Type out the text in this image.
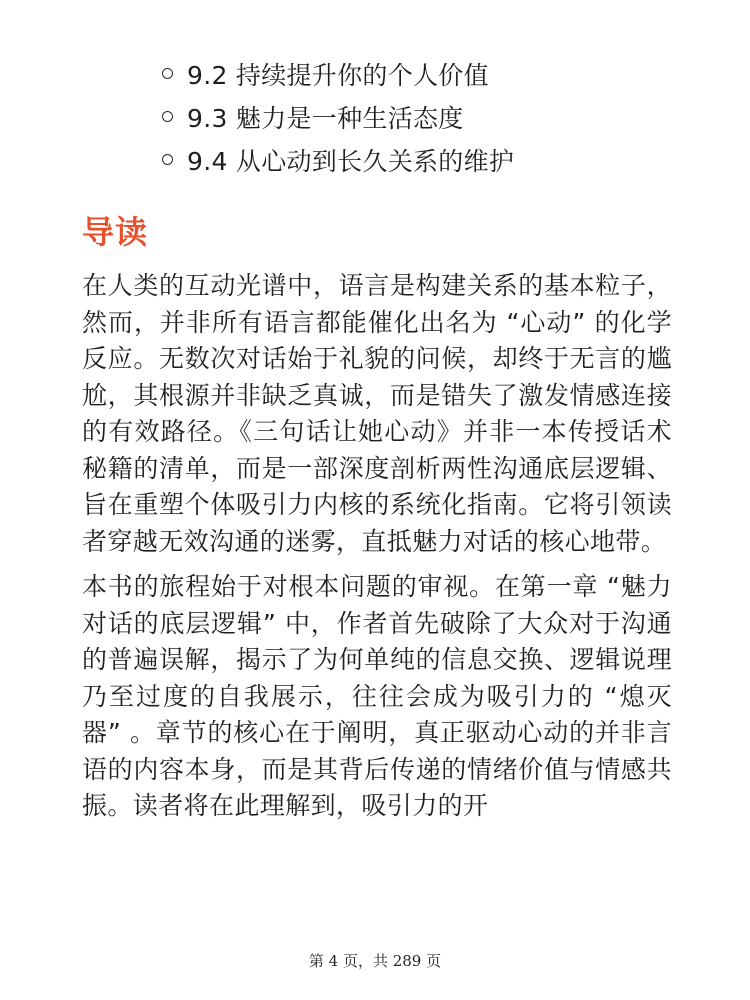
9.2 持续提升你的个人价值
9.3 魅力是一种生活态度
9.4 从心动到长久关系的维护
导读

在人类的互动光谱中，语言是构建关系的基本粒子，然而，并非所有语言都能催化出名为 “心动” 的化学反应。无数次对话始于礼貌的问候，却终于无言的尴尬，其根源并非缺乏真诚，而是错失了激发情感连接的有效路径。《三句话让她心动》并非一本传授话术秘籍的清单，而是一部深度剖析两性沟通底层逻辑、旨在重塑个体吸引力内核的系统化指南。它将引领读者穿越无效沟通的迷雾，直抵魅力对话的核心地带。

本书的旅程始于对根本问题的审视。在第一章 “魅力对话的底层逻辑” 中，作者首先破除了大众对于沟通的普遍误解，揭示了为何单纯的信息交换、逻辑说理乃至过度的自我展示，往往会成为吸引力的 “熄灭器” 。章节的核心在于阐明，真正驱动心动的并非言语的内容本身，而是其背后传递的情绪价值与情感共振。读者将在此理解到，吸引力的开

第 4 页，共 289 页
